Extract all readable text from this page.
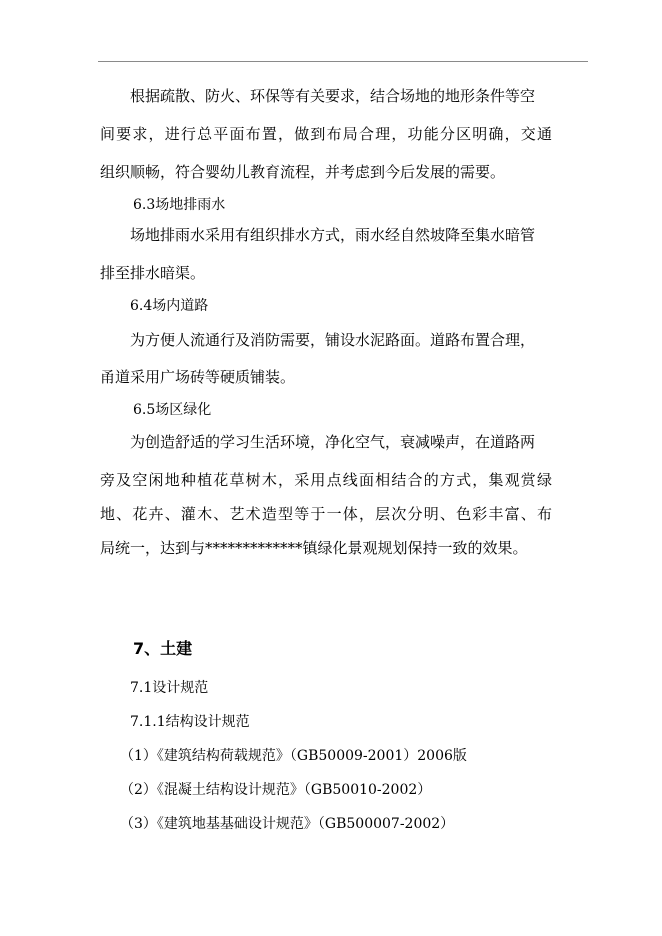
根据疏散、防火、环保等有关要求，结合场地的地形条件等空
间要求，进行总平面布置，做到布局合理，功能分区明确，交通
组织顺畅，符合婴幼儿教育流程，并考虑到今后发展的需要。
6.3场地排雨水
场地排雨水采用有组织排水方式，雨水经自然坡降至集水暗管
排至排水暗渠。
6.4场内道路
为方便人流通行及消防需要，铺设水泥路面。道路布置合理，
甬道采用广场砖等硬质铺装。
6.5场区绿化
为创造舒适的学习生活环境，净化空气，衰减噪声，在道路两
旁及空闲地种植花草树木，采用点线面相结合的方式，集观赏绿
地、花卉、灌木、艺术造型等于一体，层次分明、色彩丰富、布
局统一，达到与*************镇绿化景观规划保持一致的效果。
7、土建
7.1设计规范
7.1.1结构设计规范
（1）《建筑结构荷载规范》（GB50009-2001）2006版
（2）《混凝土结构设计规范》（GB50010-2002）
（3）《建筑地基基础设计规范》（GB500007-2002）
